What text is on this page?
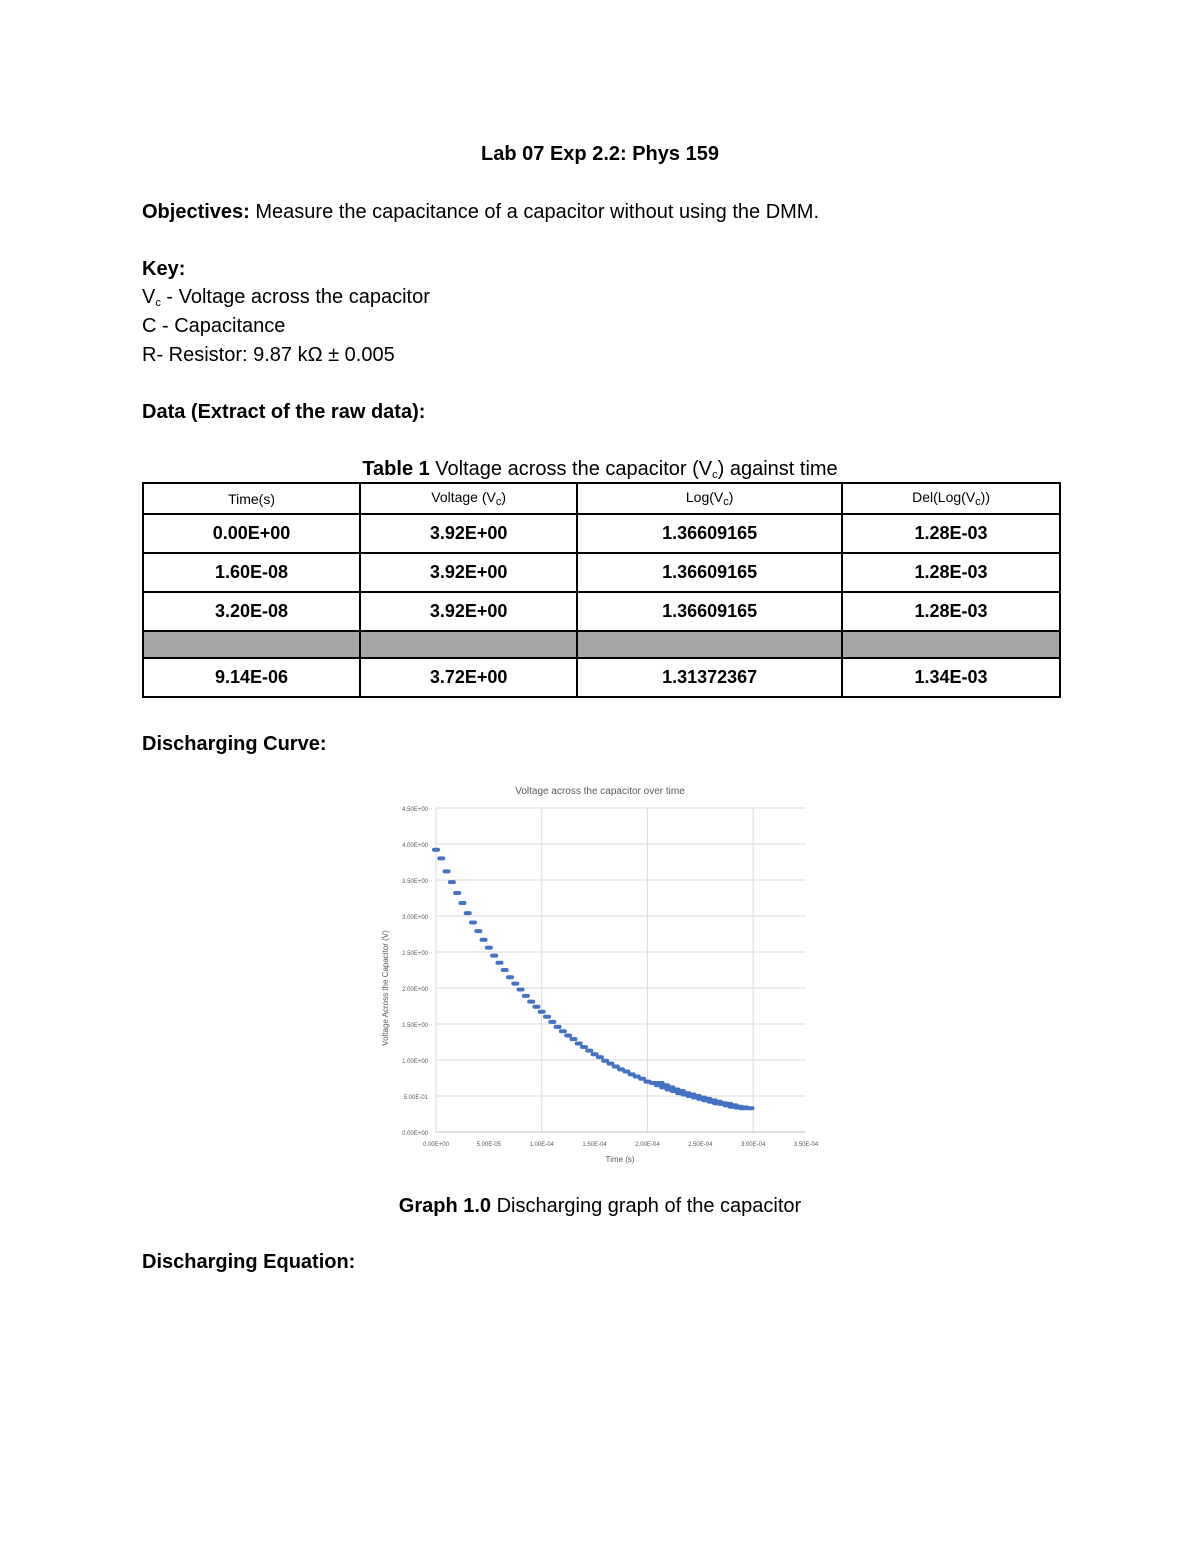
Lab 07 Exp 2.2: Phys 159
Objectives: Measure the capacitance of a capacitor without using the DMM.
Key:
$V_c$ - Voltage across the capacitor
C - Capacitance
R- Resistor: 9.87 kΩ ± 0.005
Data (Extract of the raw data):
Table 1 Voltage across the capacitor $(V_c)$ against time
Time(s)	Voltage $(V_c)$	$Log(V_c)$	$Del(Log(V_c))$
0.00E+00	3.92E+00	1.36609165	1.28E-03
1.60E-08	3.92E+00	1.36609165	1.28E-03
3.20E-08	3.92E+00	1.36609165	1.28E-03

9.14E-06	3.72E+00	1.31372367	1.34E-03
Discharging Curve:
Voltage across the capacitor over time
0.00E+00
5.00E-01
1.00E+00
1.50E+00
2.00E+00
2.50E+00
3.00E+00
3.50E+00
4.00E+00
4.50E+00
0.00E+00	5.00E-05	1.00E-04	1.50E-04	2.00E-04	2.50E-04	3.00E-04	3.50E-04
Time (s)
Voltage Across the Capacitor (V)
Graph 1.0 Discharging graph of the capacitor
Discharging Equation:
